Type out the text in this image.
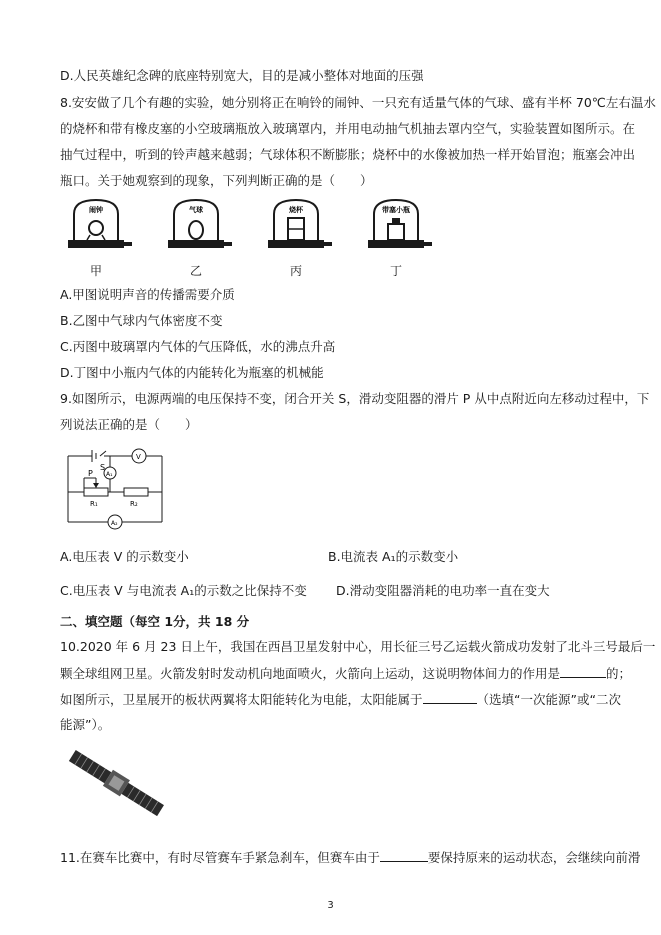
D.人民英雄纪念碑的底座特别宽大，目的是减小整体对地面的压强
8.安安做了几个有趣的实验，她分别将正在响铃的闹钟、一只充有适量气体的气球、盛有半杯 70℃左右温水
的烧杯和带有橡皮塞的小空玻璃瓶放入玻璃罩内，并用电动抽气机抽去罩内空气，实验装置如图所示。在
抽气过程中，听到的铃声越来越弱；气球体积不断膨胀；烧杯中的水像被加热一样开始冒泡；瓶塞会冲出
瓶口。关于她观察到的现象，下列判断正确的是（　　）
闹钟	气球	烧杯	带塞小瓶
甲	乙	丙	丁
A.甲图说明声音的传播需要介质
B.乙图中气球内气体密度不变
C.丙图中玻璃罩内气体的气压降低，水的沸点升高
D.丁图中小瓶内气体的内能转化为瓶塞的机械能
9.如图所示，电源两端的电压保持不变，闭合开关 S，滑动变阻器的滑片 P 从中点附近向左移动过程中，下
列说法正确的是（　　）
S
P
V
A₁
A₂
R₁	R₂
A.电压表 V 的示数变小	B.电流表 A₁的示数变小
C.电压表 V 与电流表 A₁的示数之比保持不变 D.滑动变阻器消耗的电功率一直在变大
二、填空题（每空 1分，共 18 分
10.2020 年 6 月 23 日上午，我国在西昌卫星发射中心，用长征三号乙运载火箭成功发射了北斗三号最后一
颗全球组网卫星。火箭发射时发动机向地面喷火，火箭向上运动，这说明物体间力的作用是	的；
如图所示，卫星展开的板状两翼将太阳能转化为电能，太阳能属于	（选填“一次能源”或“二次
能源”）。
11.在赛车比赛中，有时尽管赛车手紧急刹车，但赛车由于	要保持原来的运动状态，会继续向前滑
3
